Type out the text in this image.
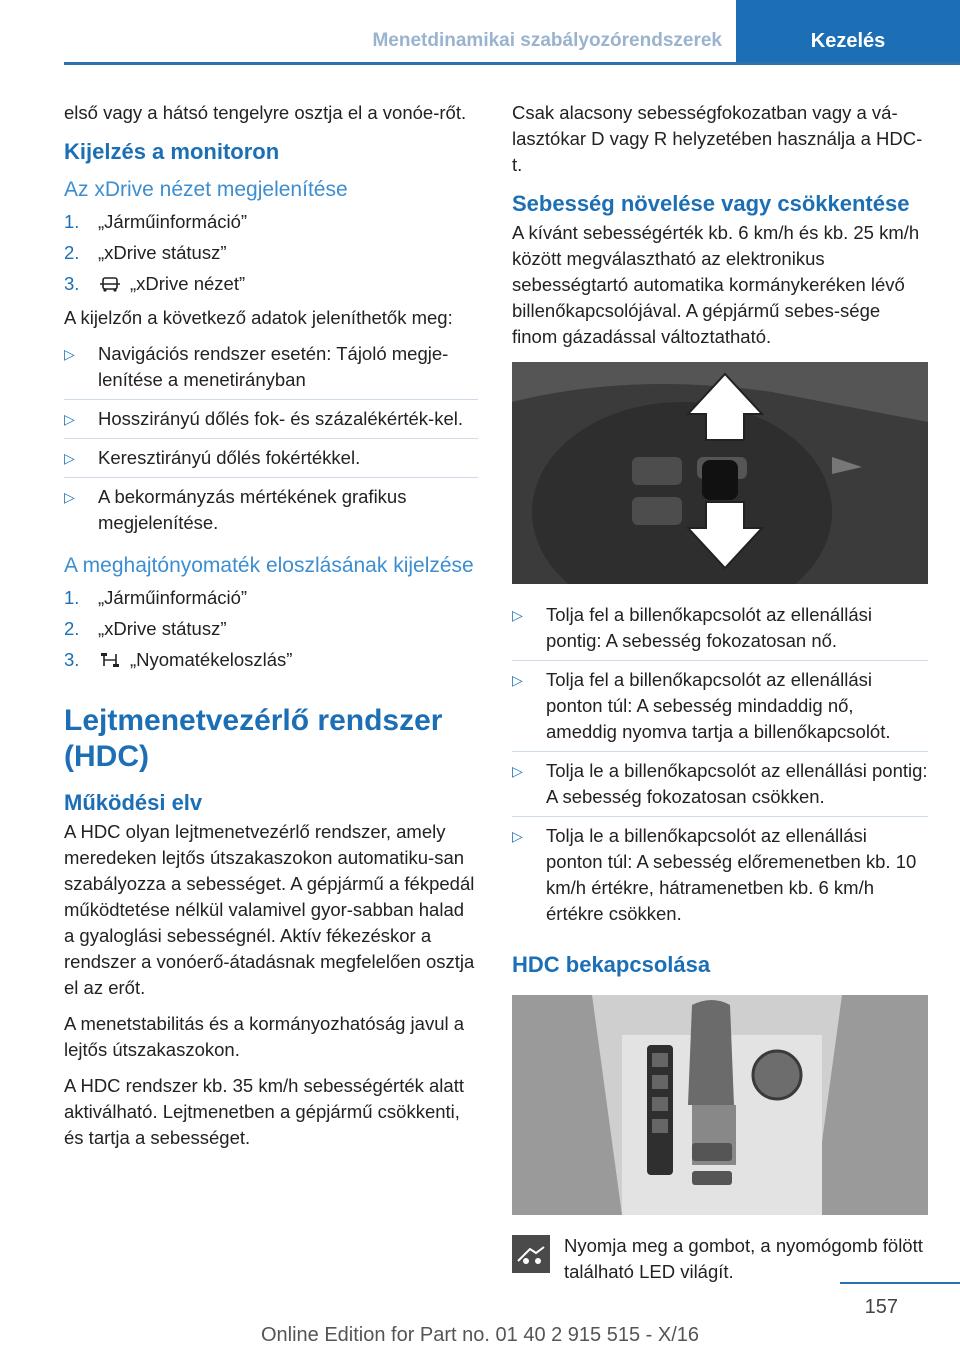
Menetdinamikai szabályozórendszerek	Kezelés

első vagy a hátsó tengelyre osztja el a vonóe‐rőt.

Kijelzés a monitoron
Az xDrive nézet megjelenítése
1.	„Járműinformáció”
2.	„xDrive státusz”
3.	„xDrive nézet”

A kijelzőn a következő adatok jeleníthetők meg:

▷	Navigációs rendszer esetén: Tájoló megje‐lenítése a menetirányban
▷	Hosszirányú dőlés fok- és százalékérték‐kel.
▷	Keresztirányú dőlés fokértékkel.
▷	A bekormányzás mértékének grafikus megjelenítése.
A meghajtónyomaték eloszlásának kijelzése
1.	„Járműinformáció”
2.	„xDrive státusz”
3.	„Nyomatékeloszlás”
Lejtmenetvezérlő rendszer (HDC)
Működési elv

A HDC olyan lejtmenetvezérlő rendszer, amely meredeken lejtős útszakaszokon automatiku‐san szabályozza a sebességet. A gépjármű a fékpedál működtetése nélkül valamivel gyor‐sabban halad a gyaloglási sebességnél. Aktív fékezéskor a rendszer a vonóerő-átadásnak megfelelően osztja el az erőt.

A menetstabilitás és a kormányozhatóság javul a lejtős útszakaszokon.

A HDC rendszer kb. 35 km/h sebességérték alatt aktiválható. Lejtmenetben a gépjármű csökkenti, és tartja a sebességet.

Csak alacsony sebességfokozatban vagy a vá‐lasztókar D vagy R helyzetében használja a HDC-t.

Sebesség növelése vagy csökkentése

A kívánt sebességérték kb. 6 km/h és kb. 25 km/h között megválasztható az elektronikus sebességtartó automatika kormánykeréken lévő billenőkapcsolójával. A gépjármű sebes‐sége finom gázadással változtatható.

▷	Tolja fel a billenőkapcsolót az ellenállási pontig: A sebesség fokozatosan nő.
▷	Tolja fel a billenőkapcsolót az ellenállási ponton túl: A sebesség mindaddig nő, ameddig nyomva tartja a billenőkapcsolót.
▷	Tolja le a billenőkapcsolót az ellenállási pontig: A sebesség fokozatosan csökken.
▷	Tolja le a billenőkapcsolót az ellenállási ponton túl: A sebesség előremenetben kb. 10 km/h értékre, hátramenetben kb. 6 km/h értékre csökken.
HDC bekapcsolása
Nyomja meg a gombot, a nyomógomb fölött található LED világít.
157
Online Edition for Part no. 01 40 2 915 515 - X/16
